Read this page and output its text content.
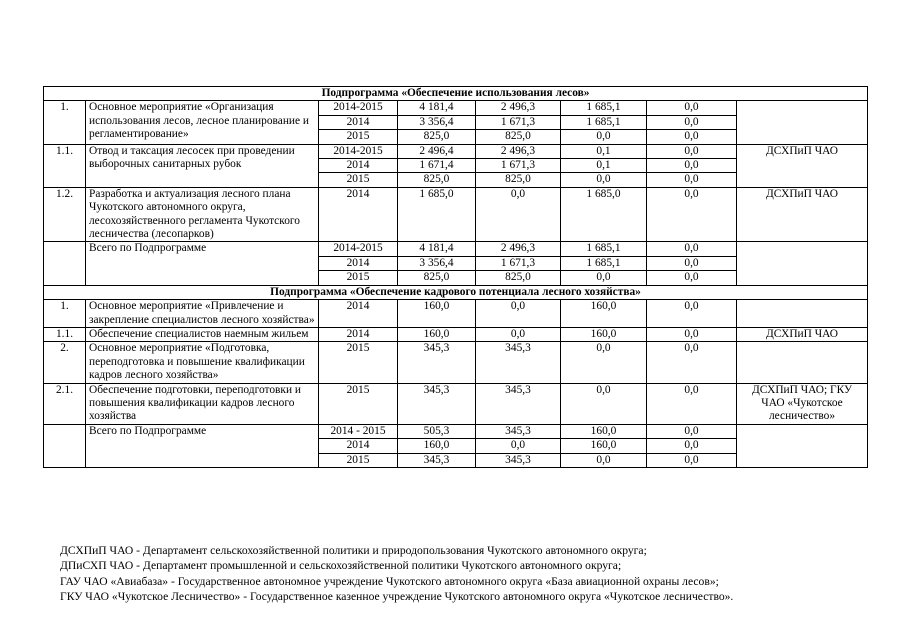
Подпрограмма «Обеспечение использования лесов»							
1.	Основное мероприятие «Организация использования лесов, лесное планирование и регламентирование»	2014-2015	4 181,4	2 496,3	1 685,1	0,0	
		2014	3 356,4	1 671,3	1 685,1	0,0	
		2015	825,0	825,0	0,0	0,0	
1.1.	Отвод и таксация лесосек при проведении выборочных санитарных рубок	2014-2015	2 496,4	2 496,3	0,1	0,0	ДСХПиП ЧАО
		2014	1 671,4	1 671,3	0,1	0,0	
		2015	825,0	825,0	0,0	0,0	
1.2.	Разработка и актуализация лесного плана Чукотского автономного округа, лесохозяйственного регламента Чукотского лесничества (лесопарков)	2014	1 685,0	0,0	1 685,0	0,0	ДСХПиП ЧАО
	Всего по Подпрограмме	2014-2015	4 181,4	2 496,3	1 685,1	0,0	
		2014	3 356,4	1 671,3	1 685,1	0,0	
		2015	825,0	825,0	0,0	0,0	
Подпрограмма «Обеспечение кадрового потенциала лесного хозяйства»							
1.	Основное мероприятие «Привлечение и закрепление специалистов лесного хозяйства»	2014	160,0	0,0	160,0	0,0	
1.1.	Обеспечение специалистов наемным жильем	2014	160,0	0,0	160,0	0,0	ДСХПиП ЧАО
2.	Основное мероприятие «Подготовка, переподготовка и повышение квалификации кадров лесного хозяйства»	2015	345,3	345,3	0,0	0,0	
2.1.	Обеспечение подготовки, переподготовки и повышения квалификации кадров лесного хозяйства	2015	345,3	345,3	0,0	0,0	ДСХПиП ЧАО; ГКУ ЧАО «Чукотское лесничество»
	Всего по Подпрограмме	2014 - 2015	505,3	345,3	160,0	0,0	
		2014	160,0	0,0	160,0	0,0	
		2015	345,3	345,3	0,0	0,0	
ДСХПиП ЧАО - Департамент сельскохозяйственной политики и природопользования Чукотского автономного округа;
ДПиСХП ЧАО - Департамент промышленной и сельскохозяйственной политики Чукотского автономного округа;
ГАУ ЧАО «Авиабаза» - Государственное автономное учреждение Чукотского автономного округа «База авиационной охраны лесов»;
ГКУ ЧАО «Чукотское Лесничество» - Государственное казенное учреждение Чукотского автономного округа «Чукотское лесничество».
